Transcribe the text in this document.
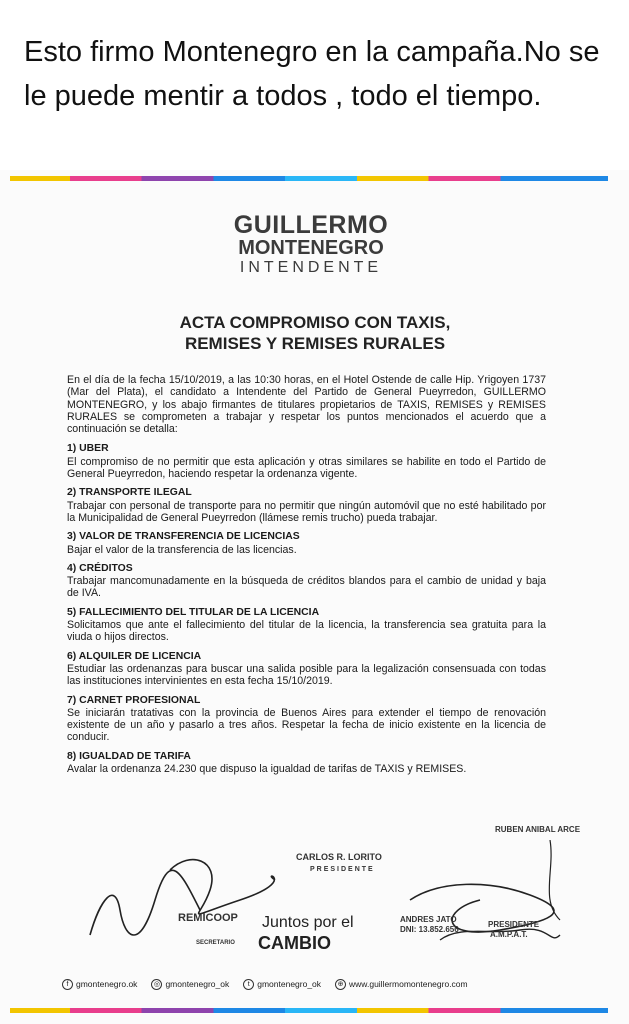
Esto firmo Montenegro en la campaña.No se le puede mentir a todos , todo el tiempo.
GUILLERMO
MONTENEGRO
INTENDENTE
ACTA COMPROMISO CON TAXIS,
REMISES Y REMISES RURALES

En el día de la fecha 15/10/2019, a las 10:30 horas, en el Hotel Ostende de calle Hip. Yrigoyen 1737 (Mar del Plata), el candidato a Intendente del Partido de General Pueyrredon, GUILLERMO MONTENEGRO, y los abajo firmantes de titulares propietarios de TAXIS, REMISES y REMISES RURALES se comprometen a trabajar y respetar los puntos mencionados el acuerdo que a continuación se detalla:

1) UBER
El compromiso de no permitir que esta aplicación y otras similares se habilite en todo el Partido de General Pueyrredon, haciendo respetar la ordenanza vigente.
2) TRANSPORTE ILEGAL
Trabajar con personal de transporte para no permitir que ningún automóvil que no esté habilitado por la Municipalidad de General Pueyrredon (llámese remis trucho) pueda trabajar.
3) VALOR DE TRANSFERENCIA DE LICENCIAS
Bajar el valor de la transferencia de las licencias.
4) CRÉDITOS
Trabajar mancomunadamente en la búsqueda de créditos blandos para el cambio de unidad y baja de IVA.
5) FALLECIMIENTO DEL TITULAR DE LA LICENCIA
Solicitamos que ante el fallecimiento del titular de la licencia, la transferencia sea gratuita para la viuda o hijos directos.
6) ALQUILER DE LICENCIA
Estudiar las ordenanzas para buscar una salida posible para la legalización consensuada con todas las instituciones intervinientes en esta fecha 15/10/2019.
7) CARNET PROFESIONAL
Se iniciarán tratativas con la provincia de Buenos Aires para extender el tiempo de renovación existente de un año y pasarlo a tres años. Respetar la fecha de inicio existente en la licencia de conducir.
8) IGUALDAD DE TARIFA
Avalar la ordenanza 24.230 que dispuso la igualdad de tarifas de TAXIS y REMISES.
RUBEN ANIBAL ARCE
CARLOS R. LORITO
PRESIDENTE
REMICOOP
SECRETARIO
ANDRES JATO
DNI: 13.852.656
PRESIDENTE
A.M.P.A.T.
Juntos por el
CAMBIO
f gmontenegro.ok	◎ gmontenegro_ok	t gmontenegro_ok	⊕ www.guillermomontenegro.com
